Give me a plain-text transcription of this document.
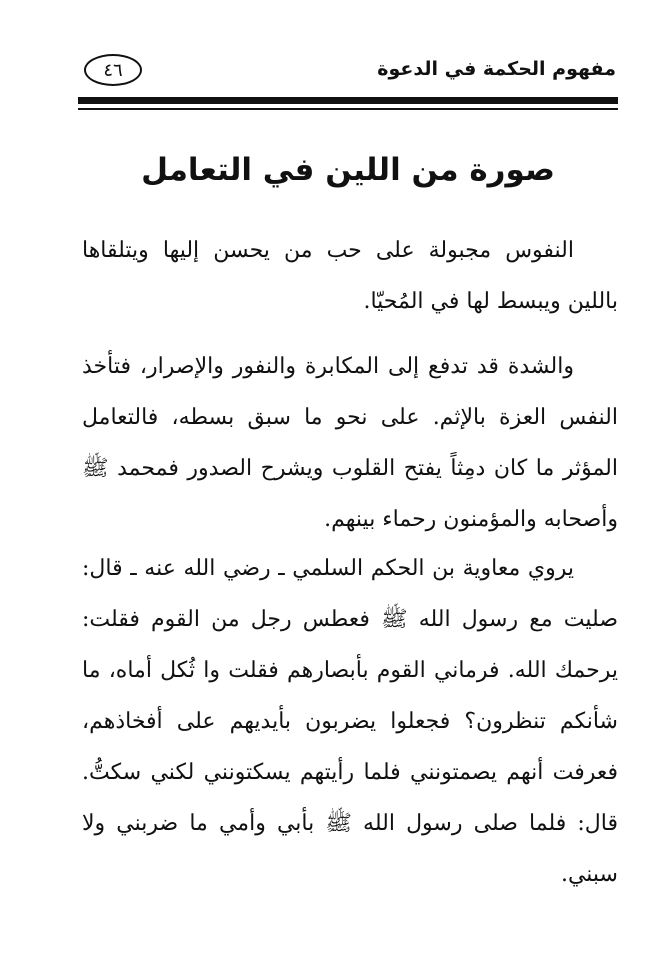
مفهوم الحكمة في الدعوة
٤٦
صورة من اللين في التعامل
النفوس مجبولة على حب من يحسن إليها ويتلقاها باللين ويبسط لها في المُحيّا.
والشدة قد تدفع إلى المكابرة والنفور والإصرار، فتأخذ النفس العزة بالإثم. على نحو ما سبق بسطه، فالتعامل المؤثر ما كان دمِثاً يفتح القلوب ويشرح الصدور فمحمد ﷺ وأصحابه والمؤمنون رحماء بينهم.
يروي معاوية بن الحكم السلمي ـ رضي الله عنه ـ قال: صليت مع رسول الله ﷺ فعطس رجل من القوم فقلت: يرحمك الله. فرماني القوم بأبصارهم فقلت وا ثُكل أماه، ما شأنكم تنظرون؟ فجعلوا يضربون بأيديهم على أفخاذهم، فعرفت أنهم يصمتونني فلما رأيتهم يسكتونني لكني سكتُّ. قال: فلما صلى رسول الله ﷺ بأبي وأمي ما ضربني ولا سبني.
